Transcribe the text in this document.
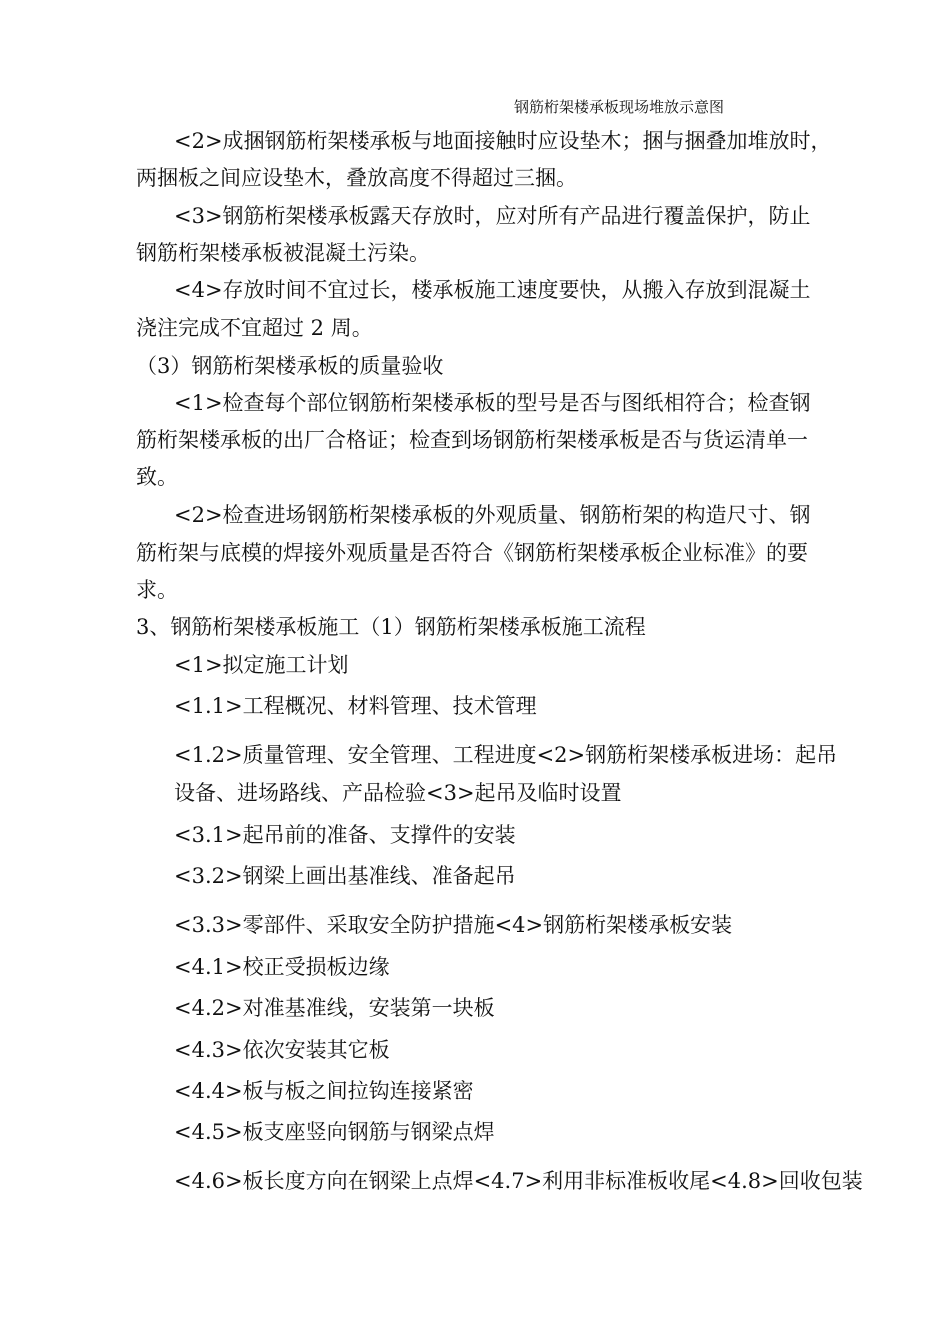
钢筋桁架楼承板现场堆放示意图
<2>成捆钢筋桁架楼承板与地面接触时应设垫木；捆与捆叠加堆放时，
两捆板之间应设垫木，叠放高度不得超过三捆。
<3>钢筋桁架楼承板露天存放时，应对所有产品进行覆盖保护，防止
钢筋桁架楼承板被混凝土污染。
<4>存放时间不宜过长，楼承板施工速度要快，从搬入存放到混凝土
浇注完成不宜超过 2 周。
（3）钢筋桁架楼承板的质量验收
<1>检查每个部位钢筋桁架楼承板的型号是否与图纸相符合；检查钢
筋桁架楼承板的出厂合格证；检查到场钢筋桁架楼承板是否与货运清单一
致。
<2>检查进场钢筋桁架楼承板的外观质量、钢筋桁架的构造尺寸、钢
筋桁架与底模的焊接外观质量是否符合《钢筋桁架楼承板企业标准》的要
求。
3、钢筋桁架楼承板施工（1）钢筋桁架楼承板施工流程
<1>拟定施工计划
<1.1>工程概况、材料管理、技术管理
<1.2>质量管理、安全管理、工程进度<2>钢筋桁架楼承板进场：起吊
设备、进场路线、产品检验<3>起吊及临时设置
<3.1>起吊前的准备、支撑件的安装
<3.2>钢梁上画出基准线、准备起吊
<3.3>零部件、采取安全防护措施<4>钢筋桁架楼承板安装
<4.1>校正受损板边缘
<4.2>对准基准线，安装第一块板
<4.3>依次安装其它板
<4.4>板与板之间拉钩连接紧密
<4.5>板支座竖向钢筋与钢梁点焊
<4.6>板长度方向在钢梁上点焊<4.7>利用非标准板收尾<4.8>回收包装
